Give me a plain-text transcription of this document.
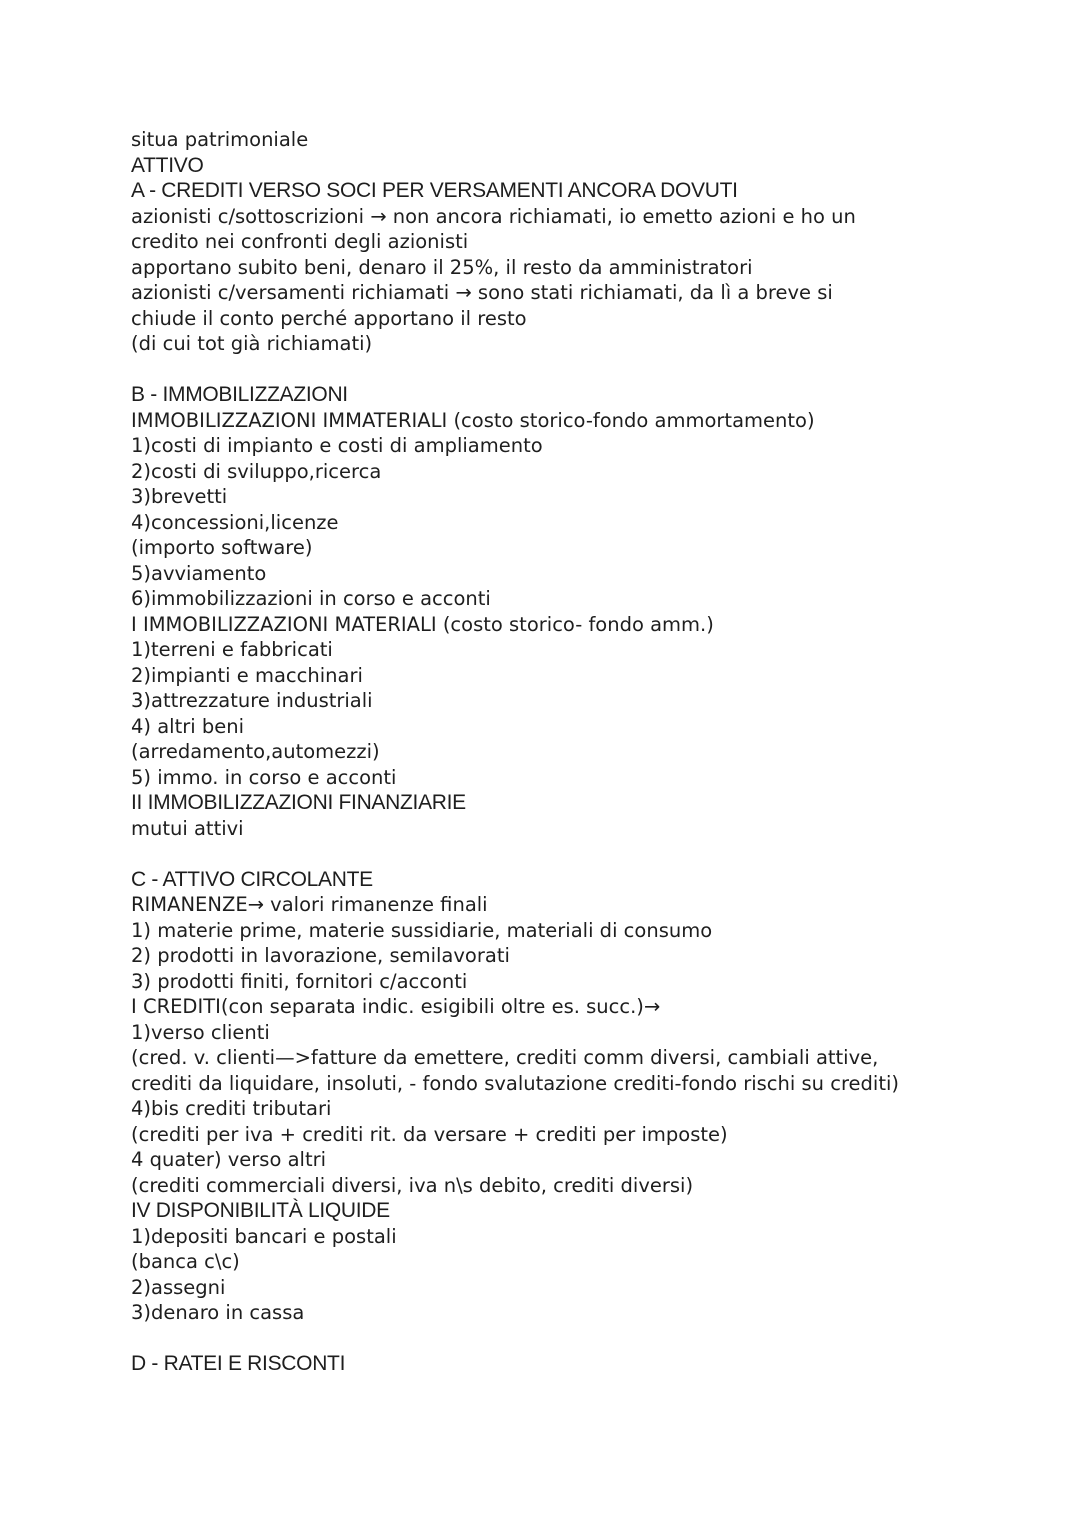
situa patrimoniale
ATTIVO
A - CREDITI VERSO SOCI PER VERSAMENTI ANCORA DOVUTI
azionisti c/sottoscrizioni → non ancora richiamati, io emetto azioni e ho un
credito nei confronti degli azionisti
apportano subito beni, denaro il 25%, il resto da amministratori
azionisti c/versamenti richiamati → sono stati richiamati, da lì a breve si
chiude il conto perché apportano il resto
(di cui tot già richiamati)
B - IMMOBILIZZAZIONI
IMMOBILIZZAZIONI IMMATERIALI (costo storico-fondo ammortamento)
1)costi di impianto e costi di ampliamento
2)costi di sviluppo,ricerca
3)brevetti
4)concessioni,licenze
(importo software)
5)avviamento
6)immobilizzazioni in corso e acconti
I IMMOBILIZZAZIONI MATERIALI (costo storico- fondo amm.)
1)terreni e fabbricati
2)impianti e macchinari
3)attrezzature industriali
4) altri beni
(arredamento,automezzi)
5) immo. in corso e acconti
II IMMOBILIZZAZIONI FINANZIARIE
mutui attivi
C - ATTIVO CIRCOLANTE
RIMANENZE→ valori rimanenze finali
1) materie prime, materie sussidiarie, materiali di consumo
2) prodotti in lavorazione, semilavorati
3) prodotti finiti, fornitori c/acconti
I CREDITI(con separata indic. esigibili oltre es. succ.)→
1)verso clienti
(cred. v. clienti—>fatture da emettere, crediti comm diversi, cambiali attive,
crediti da liquidare, insoluti, - fondo svalutazione crediti-fondo rischi su crediti)
4)bis crediti tributari
(crediti per iva + crediti rit. da versare + crediti per imposte)
4 quater) verso altri
(crediti commerciali diversi, iva n\s debito, crediti diversi)
IV DISPONIBILITÀ LIQUIDE
1)depositi bancari e postali
(banca c\c)
2)assegni
3)denaro in cassa
D - RATEI E RISCONTI
